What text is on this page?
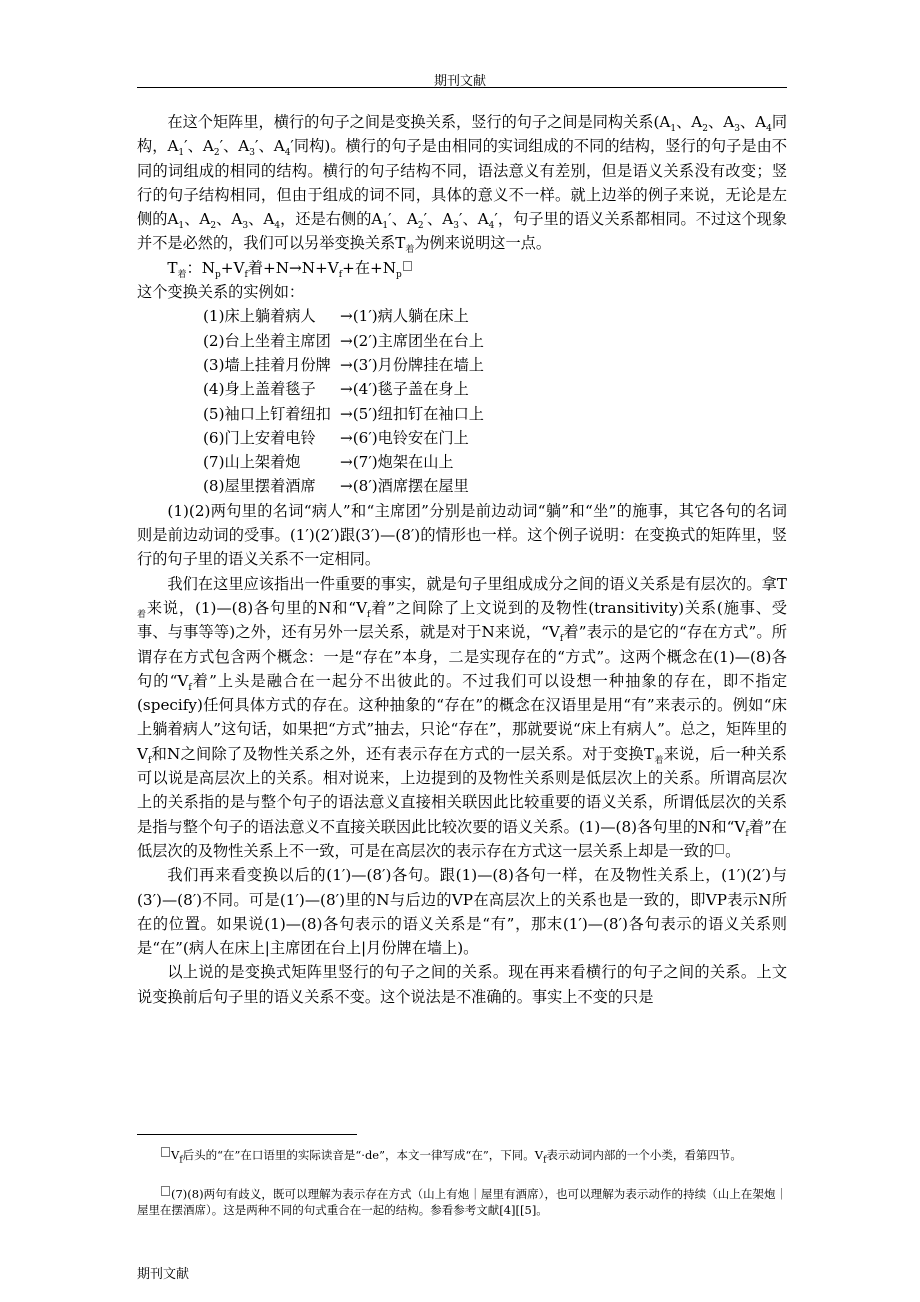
期刊文献

在这个矩阵里，横行的句子之间是变换关系，竖行的句子之间是同构关系($A_1$、$A_2$、$A_3$、$A_4$同构，$A_1'$、$A_2'$、$A_3'$、$A_4'$同构)。横行的句子是由相同的实词组成的不同的结构，竖行的句子是由不同的词组成的相同的结构。横行的句子结构不同，语法意义有差别，但是语义关系没有改变；竖行的句子结构相同，但由于组成的词不同，具体的意义不一样。就上边举的例子来说，无论是左侧的$A_1$、$A_2$、$A_3$、$A_4$，还是右侧的$A_1'$、$A_2'$、$A_3'$、$A_4'$，句子里的语义关系都相同。不过这个现象并不是必然的，我们可以另举变换关系$T_着$为例来说明这一点。

$T_着$：$N_p+V_f$着$+N\to N+V_f+$在$+N_p$

这个变换关系的实例如：

(1)床上躺着病人 →(1′)病人躺在床上
(2)台上坐着主席团 →(2′)主席团坐在台上
(3)墙上挂着月份牌 →(3′)月份牌挂在墙上
(4)身上盖着毯子 →(4′)毯子盖在身上
(5)袖口上钉着纽扣 →(5′)纽扣钉在袖口上
(6)门上安着电铃 →(6′)电铃安在门上
(7)山上架着炮	→(7′)炮架在山上
(8)屋里摆着酒席 →(8′)酒席摆在屋里

(1)(2)两句里的名词“病人”和“主席团”分别是前边动词“躺”和“坐”的施事，其它各句的名词则是前边动词的受事。(1′)(2′)跟(3′)—(8′)的情形也一样。这个例子说明：在变换式的矩阵里，竖行的句子里的语义关系不一定相同。

我们在这里应该指出一件重要的事实，就是句子里组成成分之间的语义关系是有层次的。拿$T_着$来说，(1)—(8)各句里的N和“$V_f$着”之间除了上文说到的及物性(transitivity)关系(施事、受事、与事等等)之外，还有另外一层关系，就是对于N来说，“$V_f$着”表示的是它的“存在方式”。所谓存在方式包含两个概念：一是“存在”本身，二是实现存在的“方式”。这两个概念在(1)—(8)各句的“$V_f$着”上头是融合在一起分不出彼此的。不过我们可以设想一种抽象的存在，即不指定(specify)任何具体方式的存在。这种抽象的“存在”的概念在汉语里是用“有”来表示的。例如“床上躺着病人”这句话，如果把“方式”抽去，只论“存在”，那就要说“床上有病人”。总之，矩阵里的$V_f$和N之间除了及物性关系之外，还有表示存在方式的一层关系。对于变换$T_着$来说，后一种关系可以说是高层次上的关系。相对说来，上边提到的及物性关系则是低层次上的关系。所谓高层次上的关系指的是与整个句子的语法意义直接相关联因此比较重要的语义关系，所谓低层次的关系是指与整个句子的语法意义不直接关联因此比较次要的语义关系。(1)—(8)各句里的N和“$V_f$着”在低层次的及物性关系上不一致，可是在高层次的表示存在方式这一层关系上却是一致的 。

我们再来看变换以后的(1′)—(8′)各句。跟(1)—(8)各句一样，在及物性关系上，(1′)(2′)与(3′)—(8′)不同。可是(1′)—(8′)里的N与后边的VP在高层次上的关系也是一致的，即VP表示N所在的位置。如果说(1)—(8)各句表示的语义关系是“有”，那末(1′)—(8′)各句表示的语义关系则是“在”(病人在床上|主席团在台上|月份牌在墙上)。

以上说的是变换式矩阵里竖行的句子之间的关系。现在再来看横行的句子之间的关系。上文说变换前后句子里的语义关系不变。这个说法是不准确的。事实上不变的只是

$V_f$后头的“在”在口语里的实际读音是“·de”，本文一律写成“在”，下同。$V_f$表示动词内部的一个小类，看第四节。
(7)(8)两句有歧义，既可以理解为表示存在方式（山上有炮｜屋里有酒席），也可以理解为表示动作的持续（山上在架炮｜屋里在摆酒席）。这是两种不同的句式重合在一起的结构。参看参考文献[4][[5]。
期刊文献
